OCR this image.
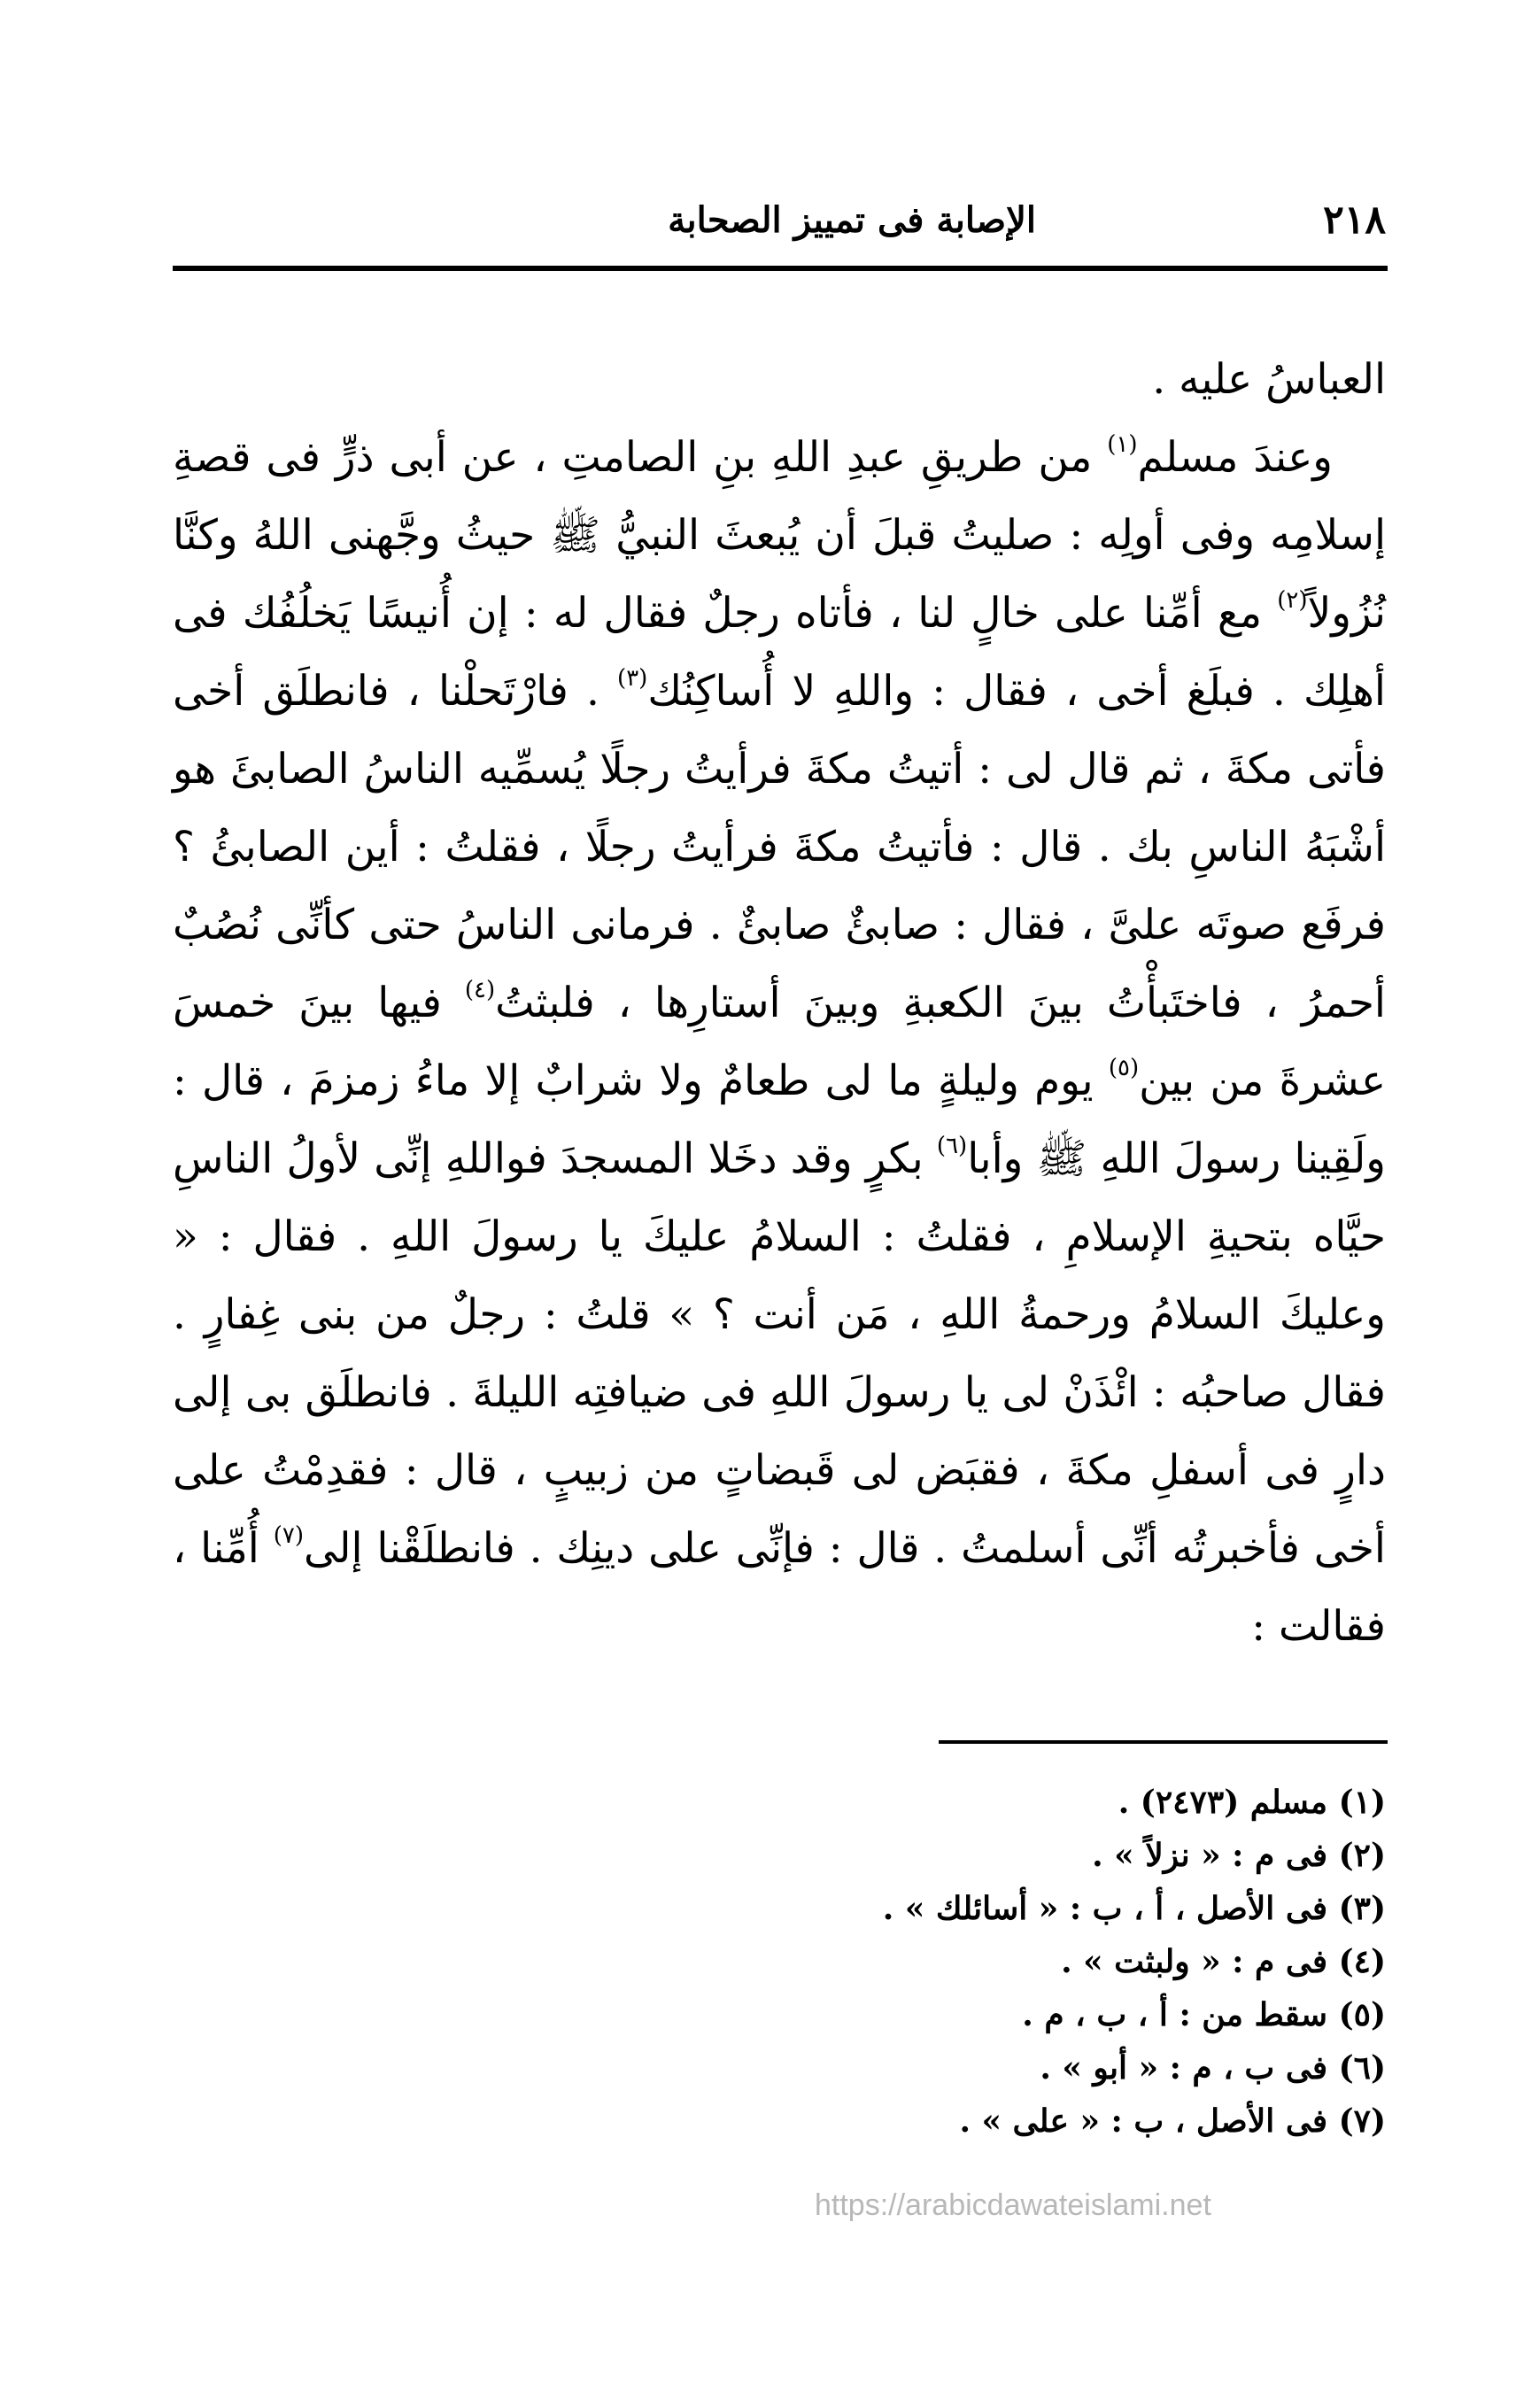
٢١٨
الإصابة فى تمييز الصحابة

العباسُ عليه .

وعندَ مسلم$^{(١)}$ من طريقِ عبدِ اللهِ بنِ الصامتِ ، عن أبى ذرٍّ فى قصةِ إسلامِه وفى أولِه : صليتُ قبلَ أن يُبعثَ النبيُّ ﷺ حيثُ وجَّهنى اللهُ وكنَّا نُزُولاً$^{(٢)}$ مع أمِّنا على خالٍ لنا ، فأتاه رجلٌ فقال له : إن أُنيسًا يَخلُفُك فى أهلِك . فبلَغ أخى ، فقال : واللهِ لا أُساكِنُك$^{(٣)}$ . فارْتَحلْنا ، فانطلَق أخى فأتى مكةَ ، ثم قال لى : أتيتُ مكةَ فرأيتُ رجلًا يُسمِّيه الناسُ الصابئَ هو أشْبَهُ الناسِ بك . قال : فأتيتُ مكةَ فرأيتُ رجلًا ، فقلتُ : أين الصابئُ ؟ فرفَع صوتَه علىَّ ، فقال : صابئٌ صابئٌ . فرمانى الناسُ حتى كأنِّى نُصُبٌ أحمرُ ، فاختَبأْتُ بينَ الكعبةِ وبينَ أستارِها ، فلبثتُ$^{(٤)}$ فيها بينَ خمسَ عشرةَ من بين$^{(٥)}$ يوم وليلةٍ ما لى طعامٌ ولا شرابٌ إلا ماءُ زمزمَ ، قال : ولَقِينا رسولَ اللهِ ﷺ وأبا$^{(٦)}$ بكرٍ وقد دخَلا المسجدَ فواللهِ إنِّى لأولُ الناسِ حيَّاه بتحيةِ الإسلامِ ، فقلتُ : السلامُ عليكَ يا رسولَ اللهِ . فقال : « وعليكَ السلامُ ورحمةُ اللهِ ، مَن أنت ؟ » قلتُ : رجلٌ من بنى غِفارٍ . فقال صاحبُه : ائْذَنْ لى يا رسولَ اللهِ فى ضيافتِه الليلةَ . فانطلَق بى إلى دارٍ فى أسفلِ مكةَ ، فقبَض لى قَبضاتٍ من زبيبٍ ، قال : فقدِمْتُ على أخى فأخبرتُه أنِّى أسلمتُ . قال : فإنِّى على دينِك . فانطلَقْنا إلى$^{(٧)}$ أُمِّنا ، فقالت :

(١) مسلم (٢٤٧٣) .
(٢) فى م : « نزلاً » .
(٣) فى الأصل ، أ ، ب : « أسائلك » .
(٤) فى م : « ولبثت » .
(٥) سقط من : أ ، ب ، م .
(٦) فى ب ، م : « أبو » .
(٧) فى الأصل ، ب : « على » .
https://arabicdawateislami.net
